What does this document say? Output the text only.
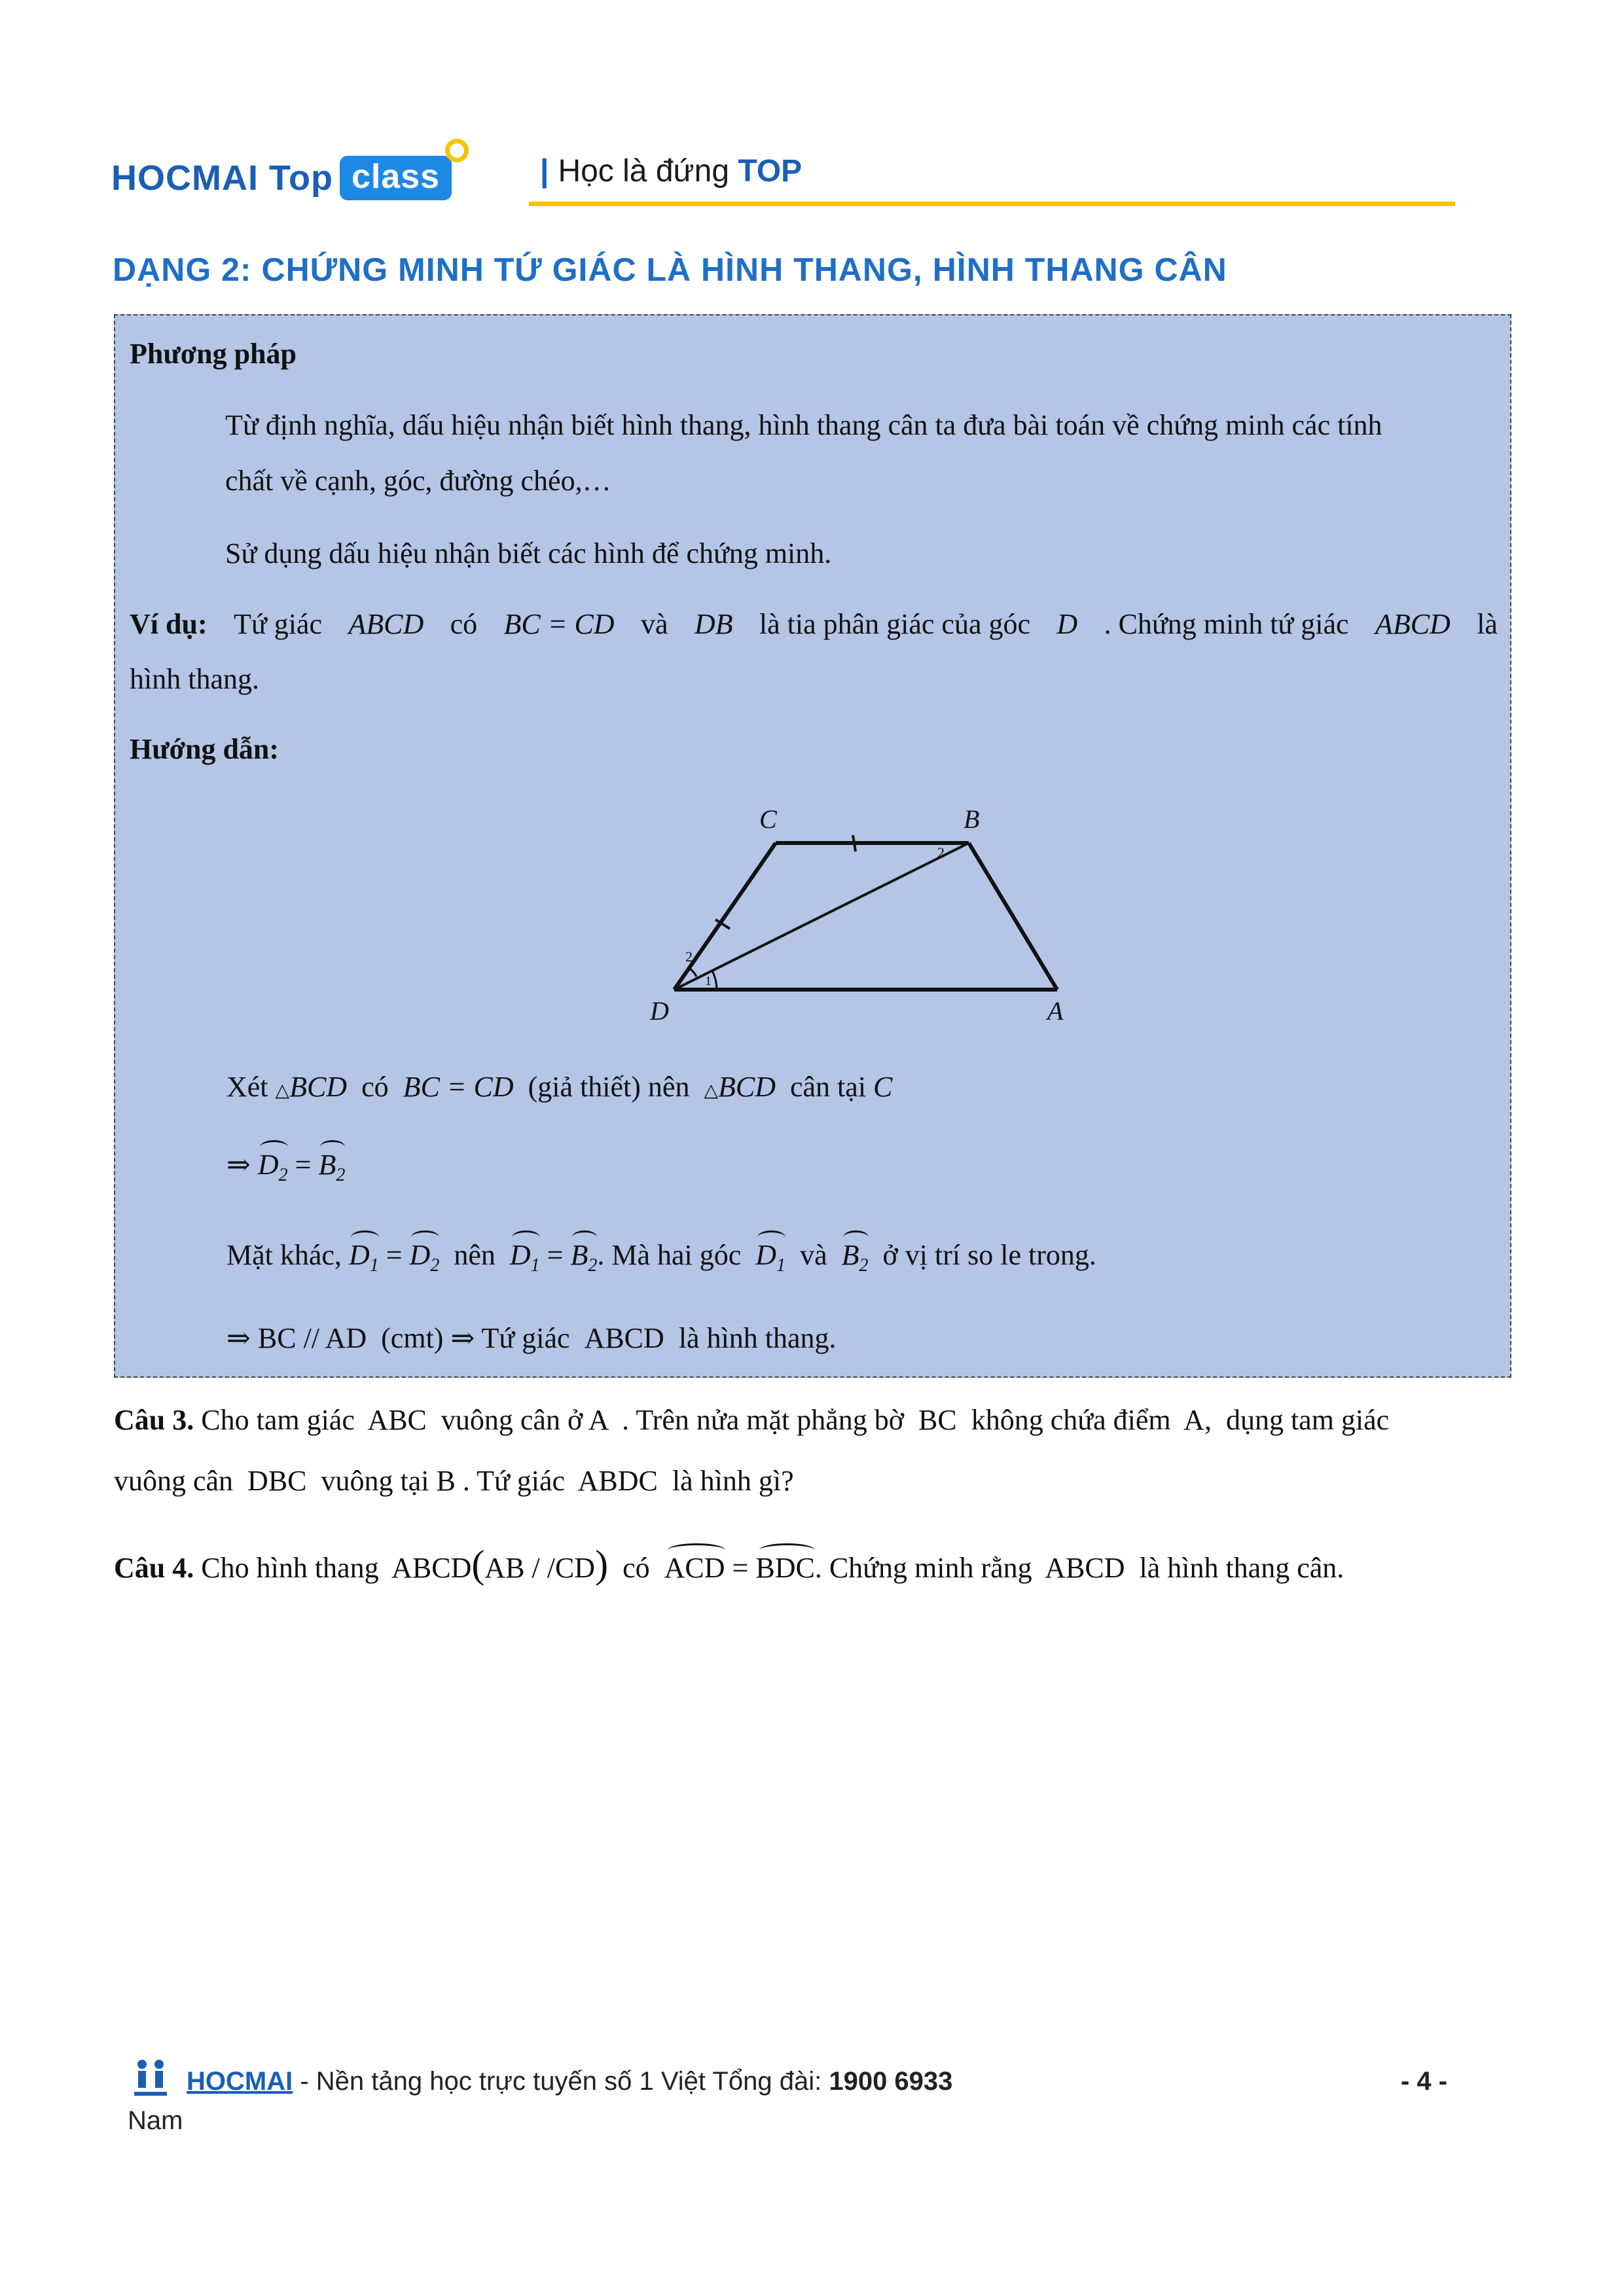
HOCMAI Top class	| Học là đứng TOP
DẠNG 2: CHỨNG MINH TỨ GIÁC LÀ HÌNH THANG, HÌNH THANG CÂN
Phương pháp
Từ định nghĩa, dấu hiệu nhận biết hình thang, hình thang cân ta đưa bài toán về chứng minh các tính
chất về cạnh, góc, đường chéo,…
Sử dụng dấu hiệu nhận biết các hình để chứng minh.
Ví dụ: Tứ giác ABCD có BC = CD và DB là tia phân giác của góc D . Chứng minh tứ giác ABCD là
hình thang.
Hướng dẫn:
C	B
D	A
2
2
1
Xét △BCD có BC = CD (giả thiết) nên △BCD cân tại C
⇒ $D_2 = B_2$
Mặt khác, $D_1 = D_2$ nên $D_1 = B_2$. Mà hai góc $D_1$ và $B_2$ ở vị trí so le trong.
⇒ BC // AD (cmt) ⇒ Tứ giác ABCD là hình thang.
Câu 3. Cho tam giác  ABC  vuông cân ở A  . Trên nửa mặt phẳng bờ  BC  không chứa điểm  A,  dụng tam giác
vuông cân  DBC  vuông tại B . Tứ giác  ABDC  là hình gì?
Câu 4. Cho hình thang ABCD(AB / /CD) có ACD = BDC. Chứng minh rằng  ABCD  là hình thang cân.
HOCMAI - Nền tảng học trực tuyến số 1 Việt Tổng đài: 1900 6933	- 4 -
Nam
